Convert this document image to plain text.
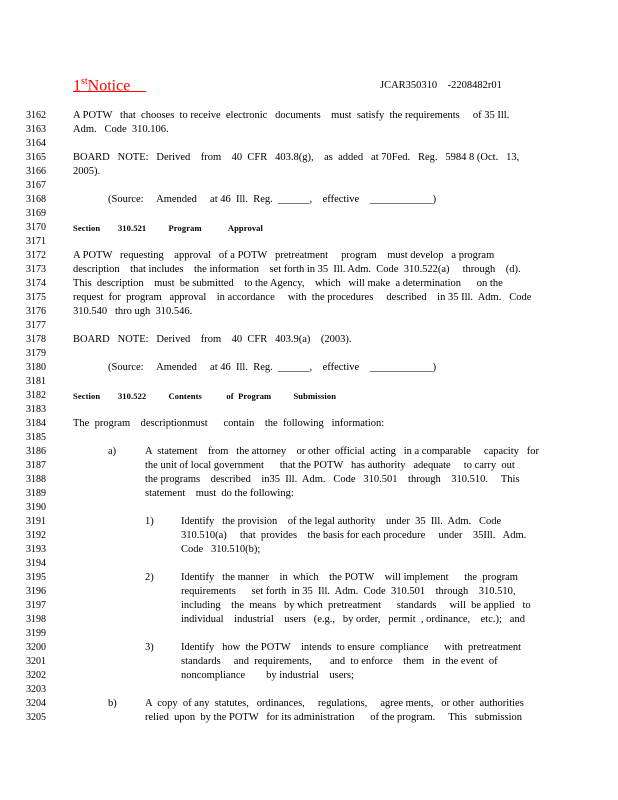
1stNotice	JCAR350310    -2208482r01
3162
3163
3164
3165
3166
3167
3168
3169
3170
3171
3172
3173
3174
3175
3176
3177
3178
3179
3180
3181
3182
3183
3184
3185
3186
3187
3188
3189
3190
3191
3192
3193
3194
3195
3196
3197
3198
3199
3200
3201
3202
3203
3204
3205
A POTW   that  chooses  to receive  electronic   documents    must  satisfy  the requirements     of 35 Ill.
Adm.   Code  310.106.
BOARD   NOTE:   Derived    from    40  CFR   403.8(g),    as  added   at 70Fed.   Reg.   5984 8 (Oct.   13,
2005).
(Source:     Amended     at 46  Ill.  Reg.  ______,    effective    ____________)
Section        310.521          Program            Approval
A POTW   requesting    approval   of a POTW   pretreatment     program    must develop   a program
description    that includes    the information    set forth in 35  Ill. Adm.  Code  310.522(a)     through    (d).
This  description    must  be submitted    to the Agency,    which   will make  a determination      on the
request  for  program   approval    in accordance     with  the procedures     described    in 35 Ill.  Adm.   Code
310.540   thro ugh  310.546.
BOARD   NOTE:   Derived    from    40  CFR   403.9(a)    (2003).
(Source:     Amended     at 46  Ill.  Reg.  ______,    effective    ____________)
Section        310.522          Contents           of  Program          Submission
The  program    descriptionmust      contain    the  following   information:
a)
1)
2)
3)
b)
A  statement    from   the attorney    or other  official  acting   in a comparable     capacity   for
the unit of local government      that the POTW   has authority   adequate     to carry  out
the programs    described    in35  Ill.  Adm.   Code   310.501    through    310.510.     This
statement    must  do the following:
Identify   the provision    of the legal authority    under  35  Ill.  Adm.   Code
310.510(a)     that  provides    the basis for each procedure     under    35Ill.   Adm.
Code   310.510(b);
Identify   the manner    in  which    the POTW    will implement      the  program
requirements      set forth  in 35  Ill.  Adm.  Code  310.501    through    310.510,
including    the  means   by which  pretreatment      standards     will  be applied   to
individual    industrial    users   (e.g.,   by order,   permit  , ordinance,    etc.);   and
Identify   how  the POTW    intends  to ensure  compliance      with  pretreatment
standards     and  requirements,       and  to enforce    them   in  the event  of
noncompliance        by industrial    users;
A  copy  of any  statutes,   ordinances,     regulations,     agree ments,   or other  authorities
relied  upon  by the POTW   for its administration      of the program.     This   submission
